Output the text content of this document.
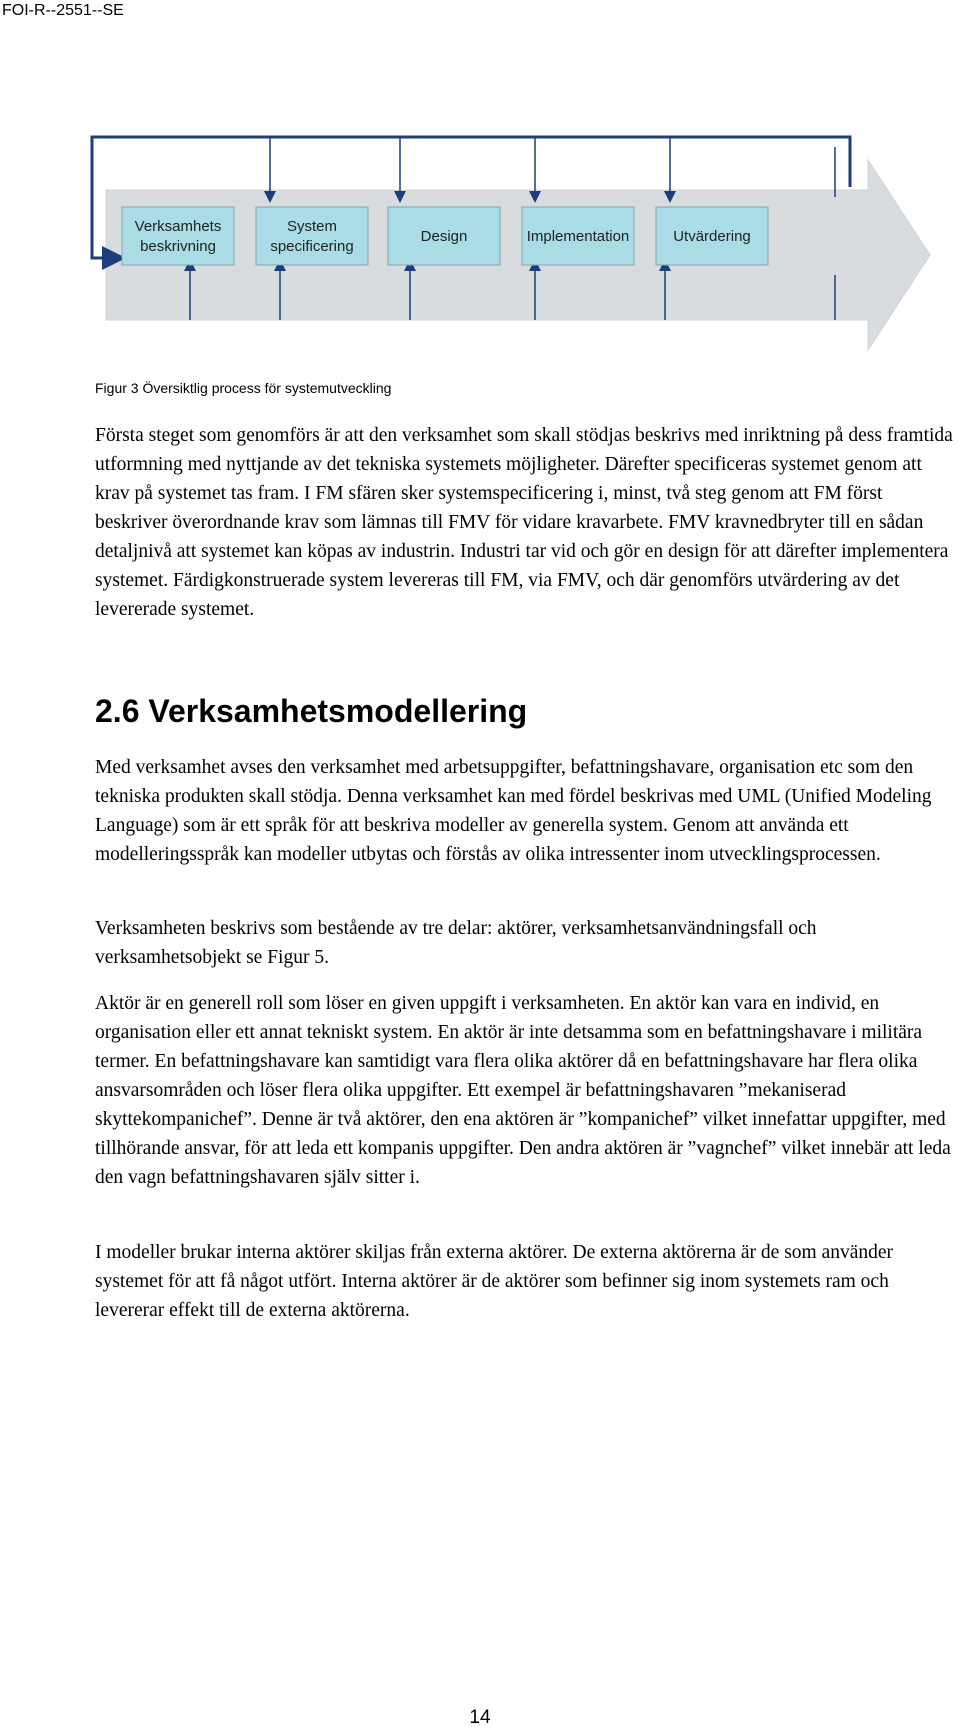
FOI-R--2551--SE
Verksamhets
beskrivning
System
specificering
Design	Implementation	Utvärdering
Figur 3 Översiktlig process för systemutveckling

Första steget som genomförs är att den verksamhet som skall stödjas beskrivs med inriktning på dess framtida utformning med nyttjande av det tekniska systemets möjligheter. Därefter specificeras systemet genom att krav på systemet tas fram. I FM sfären sker systemspecificering i, minst, två steg genom att FM först beskriver överordnande krav som lämnas till FMV för vidare kravarbete. FMV kravnedbryter till en sådan detaljnivå att systemet kan köpas av industrin. Industri tar vid och gör en design för att därefter implementera systemet. Färdigkonstruerade system levereras till FM, via FMV, och där genomförs utvärdering av det levererade systemet.

2.6 Verksamhetsmodellering

Med verksamhet avses den verksamhet med arbetsuppgifter, befattningshavare, organisation etc som den tekniska produkten skall stödja. Denna verksamhet kan med fördel beskrivas med UML (Unified Modeling Language) som är ett språk för att beskriva modeller av generella system. Genom att använda ett modelleringsspråk kan modeller utbytas och förstås av olika intressenter inom utvecklingsprocessen.

Verksamheten beskrivs som bestående av tre delar: aktörer, verksamhetsanvändningsfall och verksamhetsobjekt se Figur 5.

Aktör är en generell roll som löser en given uppgift i verksamheten. En aktör kan vara en individ, en organisation eller ett annat tekniskt system. En aktör är inte detsamma som en befattningshavare i militära termer. En befattningshavare kan samtidigt vara flera olika aktörer då en befattningshavare har flera olika ansvarsområden och löser flera olika uppgifter. Ett exempel är befattningshavaren ”mekaniserad skyttekompanichef”. Denne är två aktörer, den ena aktören är ”kompanichef” vilket innefattar uppgifter, med tillhörande ansvar, för att leda ett kompanis uppgifter. Den andra aktören är ”vagnchef” vilket innebär att leda den vagn befattningshavaren själv sitter i.

I modeller brukar interna aktörer skiljas från externa aktörer. De externa aktörerna är de som använder systemet för att få något utfört. Interna aktörer är de aktörer som befinner sig inom systemets ram och levererar effekt till de externa aktörerna.

14
